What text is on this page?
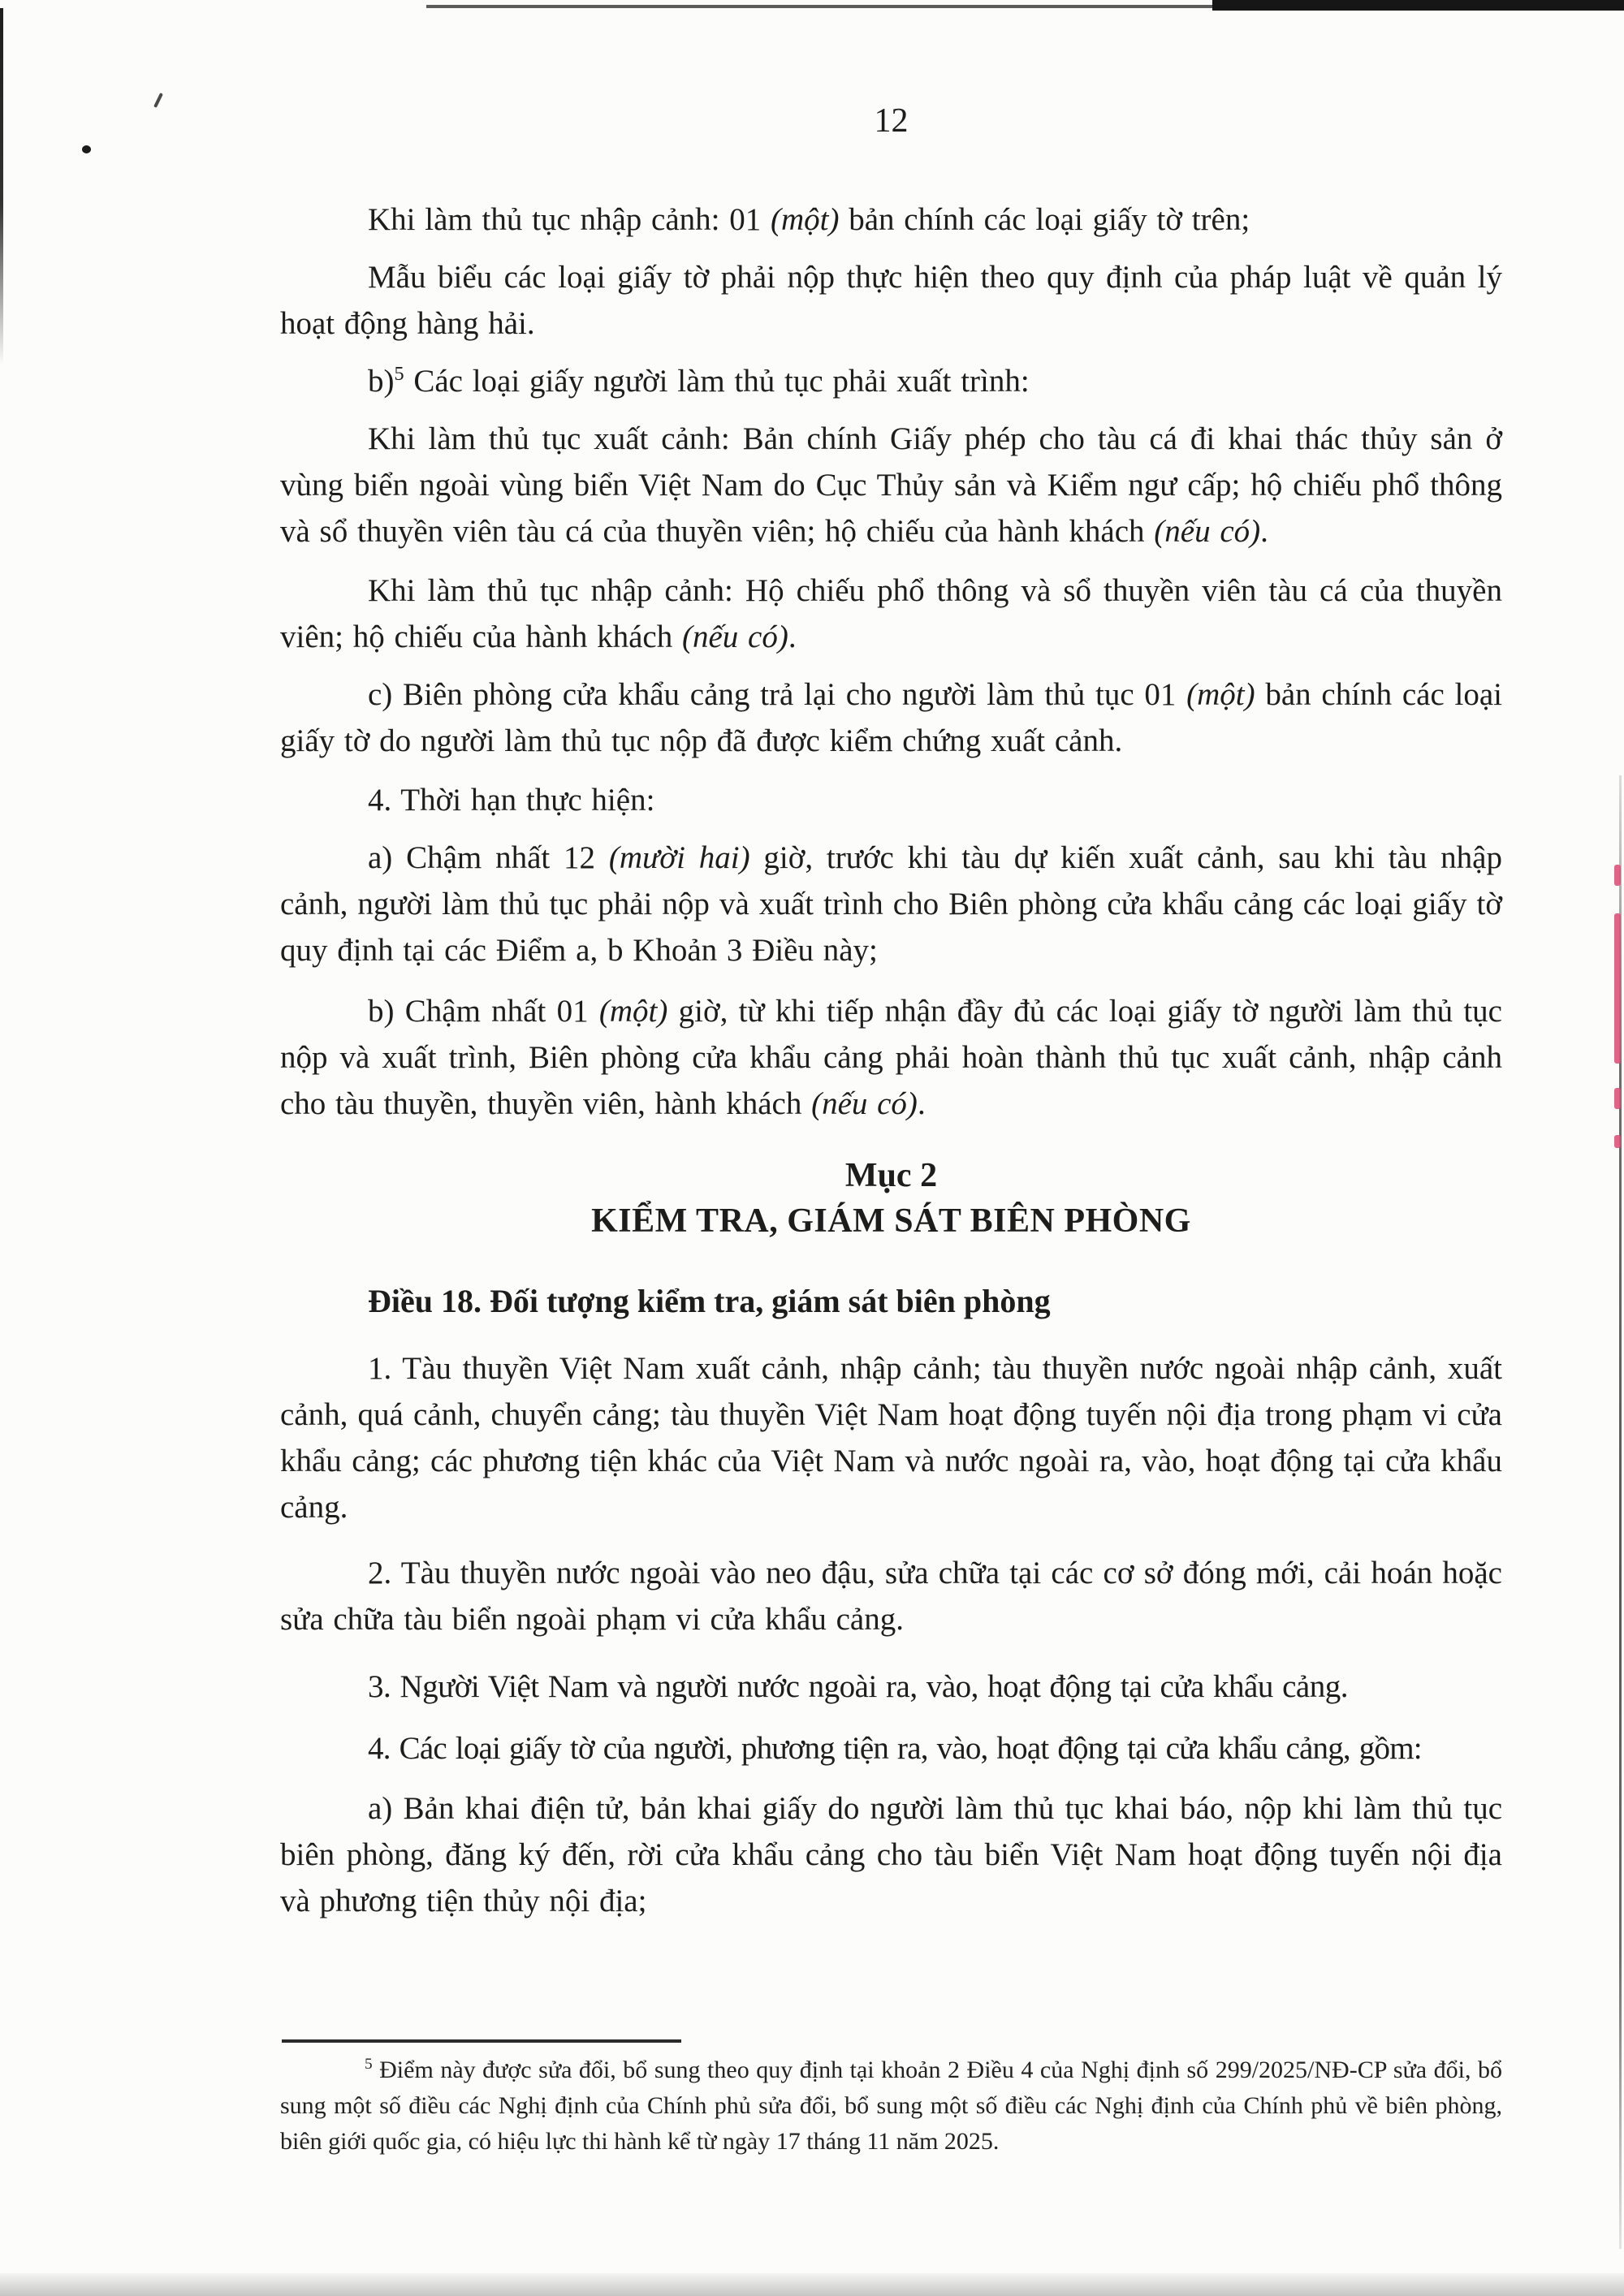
12

Khi làm thủ tục nhập cảnh: 01 (một) bản chính các loại giấy tờ trên;

Mẫu biểu các loại giấy tờ phải nộp thực hiện theo quy định của pháp luật về quản lý hoạt động hàng hải.

b)$^5$ Các loại giấy người làm thủ tục phải xuất trình:

Khi làm thủ tục xuất cảnh: Bản chính Giấy phép cho tàu cá đi khai thác thủy sản ở vùng biển ngoài vùng biển Việt Nam do Cục Thủy sản và Kiểm ngư cấp; hộ chiếu phổ thông và sổ thuyền viên tàu cá của thuyền viên; hộ chiếu của hành khách (nếu có).

Khi làm thủ tục nhập cảnh: Hộ chiếu phổ thông và sổ thuyền viên tàu cá của thuyền viên; hộ chiếu của hành khách (nếu có).

c) Biên phòng cửa khẩu cảng trả lại cho người làm thủ tục 01 (một) bản chính các loại giấy tờ do người làm thủ tục nộp đã được kiểm chứng xuất cảnh.

4. Thời hạn thực hiện:

a) Chậm nhất 12 (mười hai) giờ, trước khi tàu dự kiến xuất cảnh, sau khi tàu nhập cảnh, người làm thủ tục phải nộp và xuất trình cho Biên phòng cửa khẩu cảng các loại giấy tờ quy định tại các Điểm a, b Khoản 3 Điều này;

b) Chậm nhất 01 (một) giờ, từ khi tiếp nhận đầy đủ các loại giấy tờ người làm thủ tục nộp và xuất trình, Biên phòng cửa khẩu cảng phải hoàn thành thủ tục xuất cảnh, nhập cảnh cho tàu thuyền, thuyền viên, hành khách (nếu có).

Mục 2

KIỂM TRA, GIÁM SÁT BIÊN PHÒNG

Điều 18. Đối tượng kiểm tra, giám sát biên phòng

1. Tàu thuyền Việt Nam xuất cảnh, nhập cảnh; tàu thuyền nước ngoài nhập cảnh, xuất cảnh, quá cảnh, chuyển cảng; tàu thuyền Việt Nam hoạt động tuyến nội địa trong phạm vi cửa khẩu cảng; các phương tiện khác của Việt Nam và nước ngoài ra, vào, hoạt động tại cửa khẩu cảng.

2. Tàu thuyền nước ngoài vào neo đậu, sửa chữa tại các cơ sở đóng mới, cải hoán hoặc sửa chữa tàu biển ngoài phạm vi cửa khẩu cảng.

3. Người Việt Nam và người nước ngoài ra, vào, hoạt động tại cửa khẩu cảng.

4. Các loại giấy tờ của người, phương tiện ra, vào, hoạt động tại cửa khẩu cảng, gồm:

a) Bản khai điện tử, bản khai giấy do người làm thủ tục khai báo, nộp khi làm thủ tục biên phòng, đăng ký đến, rời cửa khẩu cảng cho tàu biển Việt Nam hoạt động tuyến nội địa và phương tiện thủy nội địa;

$^5$ Điểm này được sửa đổi, bổ sung theo quy định tại khoản 2 Điều 4 của Nghị định số 299/2025/NĐ-CP sửa đổi, bổ sung một số điều các Nghị định của Chính phủ sửa đổi, bổ sung một số điều các Nghị định của Chính phủ về biên phòng, biên giới quốc gia, có hiệu lực thi hành kể từ ngày 17 tháng 11 năm 2025.
